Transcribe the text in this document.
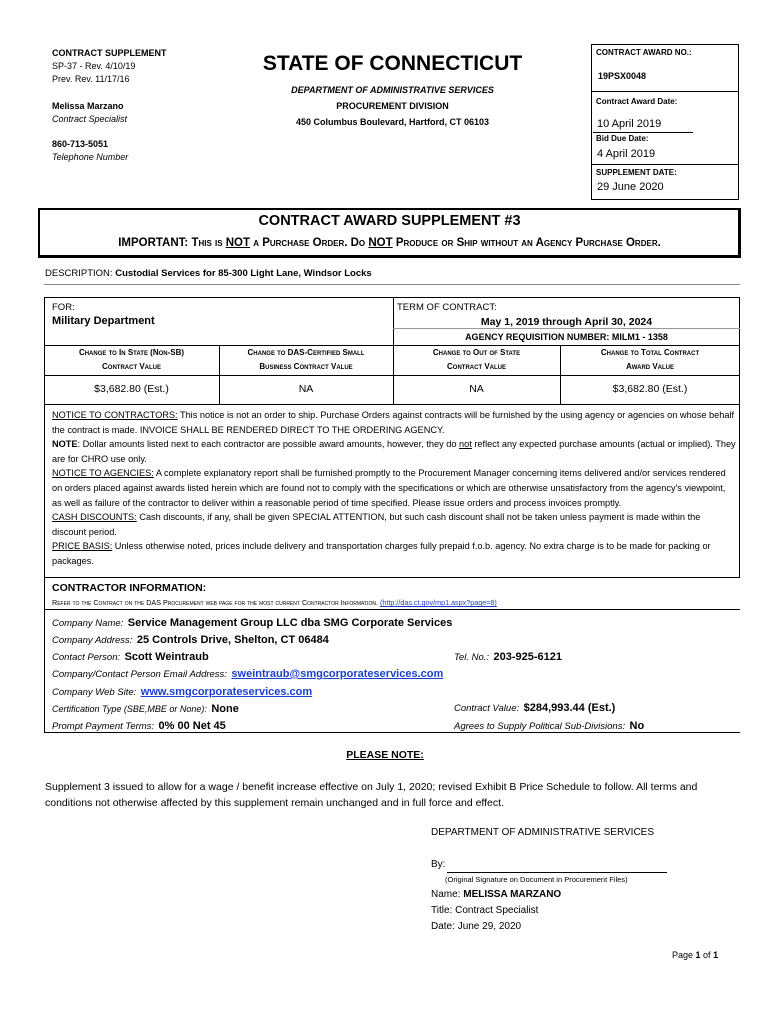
CONTRACT SUPPLEMENT
SP-37 - Rev. 4/10/19
Prev. Rev. 11/17/16
Melissa Marzano
Contract Specialist
860-713-5051
Telephone Number
STATE OF CONNECTICUT
DEPARTMENT OF ADMINISTRATIVE SERVICES
PROCUREMENT DIVISION
450 Columbus Boulevard, Hartford, CT 06103
CONTRACT AWARD NO.:
19PSX0048
Contract Award Date:
10 April 2019
Bid Due Date:
4 April 2019
SUPPLEMENT DATE:
29 June 2020
CONTRACT AWARD SUPPLEMENT #3
IMPORTANT: This is NOT a Purchase Order. Do NOT Produce or Ship without an Agency Purchase Order.
DESCRIPTION: Custodial Services for 85-300 Light Lane, Windsor Locks
FOR:
Military Department
TERM OF CONTRACT:
May 1, 2019 through April 30, 2024
AGENCY REQUISITION NUMBER: MILM1 - 1358
Change to In State (Non-SB)
Contract Value
Change to DAS-Certified Small
Business Contract Value
Change to Out of State
Contract Value
Change to Total Contract
Award Value
$3,682.80 (Est.)	NA	NA	$3,682.80 (Est.)

NOTICE TO CONTRACTORS: This notice is not an order to ship. Purchase Orders against contracts will be furnished by the using agency or agencies on whose behalf the contract is made. INVOICE SHALL BE RENDERED DIRECT TO THE ORDERING AGENCY.

NOTE: Dollar amounts listed next to each contractor are possible award amounts, however, they do not reflect any expected purchase amounts (actual or implied). They are for CHRO use only.

NOTICE TO AGENCIES: A complete explanatory report shall be furnished promptly to the Procurement Manager concerning items delivered and/or services rendered on orders placed against awards listed herein which are found not to comply with the specifications or which are otherwise unsatisfactory from the agency's viewpoint, as well as failure of the contractor to deliver within a reasonable period of time specified. Please issue orders and process invoices promptly.

CASH DISCOUNTS: Cash discounts, if any, shall be given SPECIAL ATTENTION, but such cash discount shall not be taken unless payment is made within the discount period.

PRICE BASIS: Unless otherwise noted, prices include delivery and transportation charges fully prepaid f.o.b. agency. No extra charge is to be made for packing or packages.

CONTRACTOR INFORMATION:
Refer to the Contract on the DAS Procurement web page for the most current Contractor Information. (http://das.ct.gov/mp1.aspx?page=8)
Company Name: Service Management Group LLC dba SMG Corporate Services
Company Address: 25 Controls Drive, Shelton, CT 06484
Contact Person: Scott Weintraub	Tel. No.: 203-925-6121
Company/Contact Person Email Address: sweintraub@smgcorporateservices.com
Company Web Site: www.smgcorporateservices.com
Certification Type (SBE,MBE or None): None	Contract Value: $284,993.44 (Est.)
Prompt Payment Terms: 0% 00 Net 45	Agrees to Supply Political Sub-Divisions: No
PLEASE NOTE:
Supplement 3 issued to allow for a wage / benefit increase effective on July 1, 2020; revised Exhibit B Price Schedule to follow. All terms and conditions not otherwise affected by this supplement remain unchanged and in full force and effect.
DEPARTMENT OF ADMINISTRATIVE SERVICES
By:
(Original Signature on Document in Procurement Files)
Name: MELISSA MARZANO
Title: Contract Specialist
Date: June 29, 2020
Page 1 of 1
